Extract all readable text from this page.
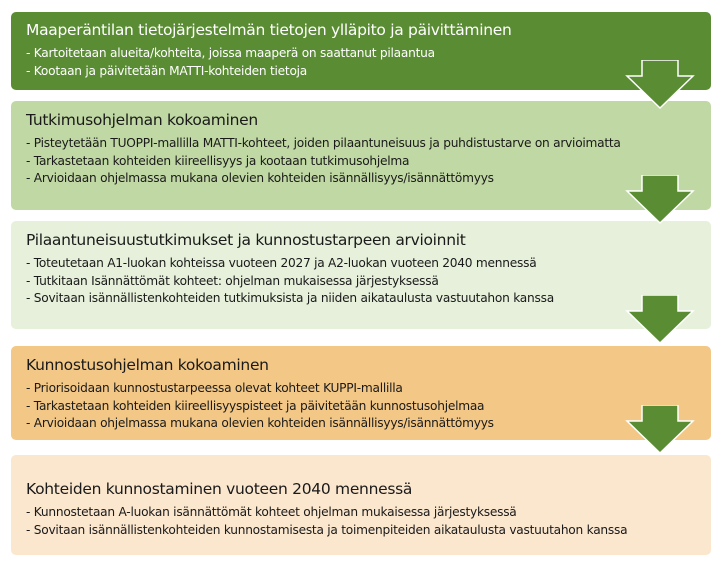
Maaperäntilan tietojärjestelmän tietojen ylläpito ja päivittäminen
- Kartoitetaan alueita/kohteita, joissa maaperä on saattanut pilaantua
- Kootaan ja päivitetään MATTI-kohteiden tietoja
Tutkimusohjelman kokoaminen
- Pisteytetään TUOPPI-mallilla MATTI-kohteet, joiden pilaantuneisuus ja puhdistustarve on arvioimatta
- Tarkastetaan kohteiden kiireellisyys ja kootaan tutkimusohjelma
- Arvioidaan ohjelmassa mukana olevien kohteiden isännällisyys/isännättömyys
Pilaantuneisuustutkimukset ja kunnostustarpeen arvioinnit
- Toteutetaan A1-luokan kohteissa vuoteen 2027 ja A2-luokan vuoteen 2040 mennessä
- Tutkitaan Isännättömät kohteet: ohjelman mukaisessa järjestyksessä
- Sovitaan isännällistenkohteiden tutkimuksista ja niiden aikataulusta vastuutahon kanssa
Kunnostusohjelman kokoaminen
- Priorisoidaan kunnostustarpeessa olevat kohteet KUPPI-mallilla
- Tarkastetaan kohteiden kiireellisyyspisteet ja päivitetään kunnostusohjelmaa
- Arvioidaan ohjelmassa mukana olevien kohteiden isännällisyys/isännättömyys
Kohteiden kunnostaminen vuoteen 2040 mennessä
- Kunnostetaan A-luokan isännättömät kohteet ohjelman mukaisessa järjestyksessä
- Sovitaan isännällistenkohteiden kunnostamisesta ja toimenpiteiden aikataulusta vastuutahon kanssa
